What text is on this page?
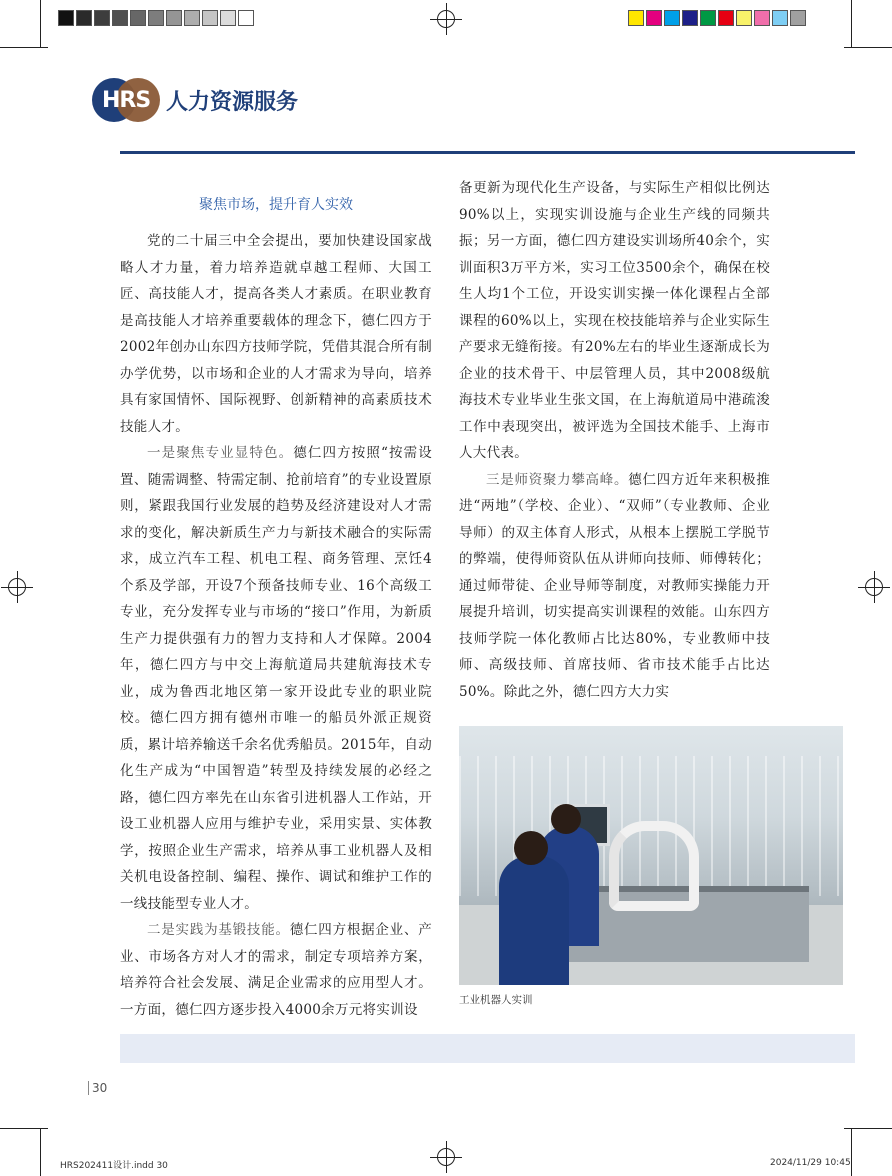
HRS 人力资源服务
聚焦市场，提升育人实效

党的二十届三中全会提出，要加快建设国家战略人才力量，着力培养造就卓越工程师、大国工匠、高技能人才，提高各类人才素质。在职业教育是高技能人才培养重要载体的理念下，德仁四方于2002年创办山东四方技师学院，凭借其混合所有制办学优势，以市场和企业的人才需求为导向，培养具有家国情怀、国际视野、创新精神的高素质技术技能人才。

一是聚焦专业显特色。德仁四方按照“按需设置、随需调整、特需定制、抢前培育”的专业设置原则，紧跟我国行业发展的趋势及经济建设对人才需求的变化，解决新质生产力与新技术融合的实际需求，成立汽车工程、机电工程、商务管理、烹饪4个系及学部，开设7个预备技师专业、16个高级工专业，充分发挥专业与市场的“接口”作用，为新质生产力提供强有力的智力支持和人才保障。2004年，德仁四方与中交上海航道局共建航海技术专业，成为鲁西北地区第一家开设此专业的职业院校。德仁四方拥有德州市唯一的船员外派正规资质，累计培养输送千余名优秀船员。2015年，自动化生产成为“中国智造”转型及持续发展的必经之路，德仁四方率先在山东省引进机器人工作站，开设工业机器人应用与维护专业，采用实景、实体教学，按照企业生产需求，培养从事工业机器人及相关机电设备控制、编程、操作、调试和维护工作的一线技能型专业人才。

二是实践为基锻技能。德仁四方根据企业、产业、市场各方对人才的需求，制定专项培养方案，培养符合社会发展、满足企业需求的应用型人才。一方面，德仁四方逐步投入4000余万元将实训设

备更新为现代化生产设备，与实际生产相似比例达90%以上，实现实训设施与企业生产线的同频共振；另一方面，德仁四方建设实训场所40余个，实训面积3万平方米，实习工位3500余个，确保在校生人均1个工位，开设实训实操一体化课程占全部课程的60%以上，实现在校技能培养与企业实际生产要求无缝衔接。有20%左右的毕业生逐渐成长为企业的技术骨干、中层管理人员，其中2008级航海技术专业毕业生张文国，在上海航道局中港疏浚工作中表现突出，被评选为全国技术能手、上海市人大代表。

三是师资聚力攀高峰。德仁四方近年来积极推进“两地”（学校、企业）、“双师”（专业教师、企业导师）的双主体育人形式，从根本上摆脱工学脱节的弊端，使得师资队伍从讲师向技师、师傅转化；通过师带徒、企业导师等制度，对教师实操能力开展提升培训，切实提高实训课程的效能。山东四方技师学院一体化教师占比达80%，专业教师中技师、高级技师、首席技师、省市技术能手占比达50%。除此之外，德仁四方大力实

工业机器人实训
30
HRS202411设计.indd 30	2024/11/29 10:45
